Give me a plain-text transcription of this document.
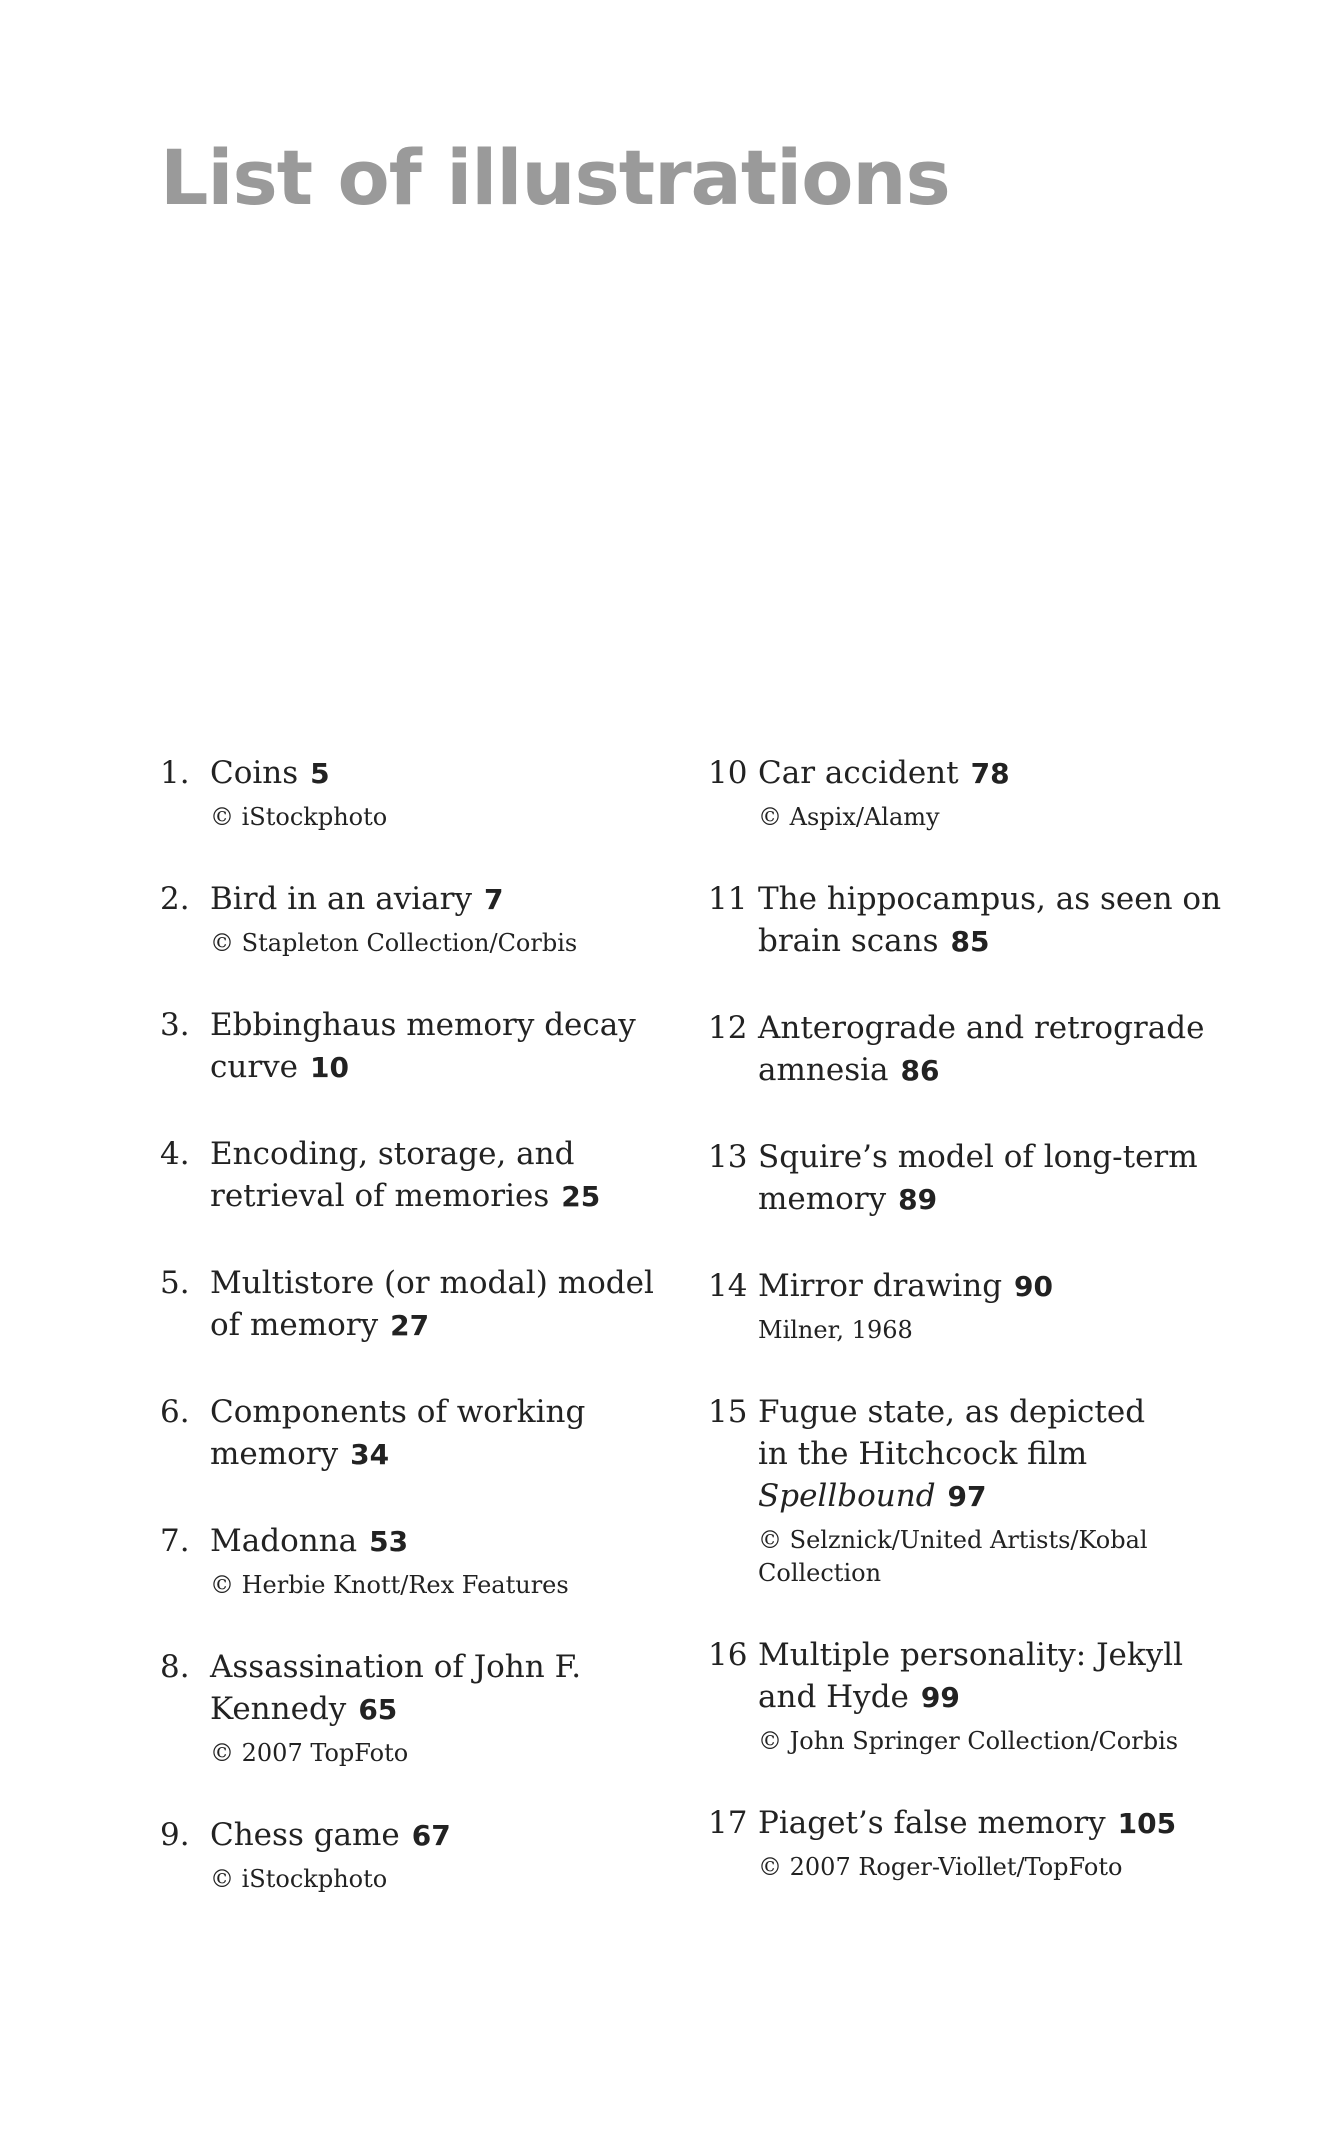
List of illustrations
1. Coins 5
© iStockphoto
2. Bird in an aviary 7
© Stapleton Collection/Corbis
3. Ebbinghaus memory decay
curve 10
4. Encoding, storage, and
retrieval of memories 25
5. Multistore (or modal) model
of memory 27
6. Components of working
memory 34
7. Madonna 53
© Herbie Knott/Rex Features
8. Assassination of John F.
Kennedy 65
© 2007 TopFoto
9. Chess game 67
© iStockphoto
10 Car accident 78
© Aspix/Alamy
11 The hippocampus, as seen on
brain scans 85
12 Anterograde and retrograde
amnesia 86
13 Squire’s model of long-term
memory 89
14 Mirror drawing 90
Milner, 1968
15 Fugue state, as depicted
in the Hitchcock film
Spellbound 97
© Selznick/United Artists/Kobal Collection
16 Multiple personality: Jekyll
and Hyde 99
© John Springer Collection/Corbis
17 Piaget’s false memory 105
© 2007 Roger-Viollet/TopFoto
